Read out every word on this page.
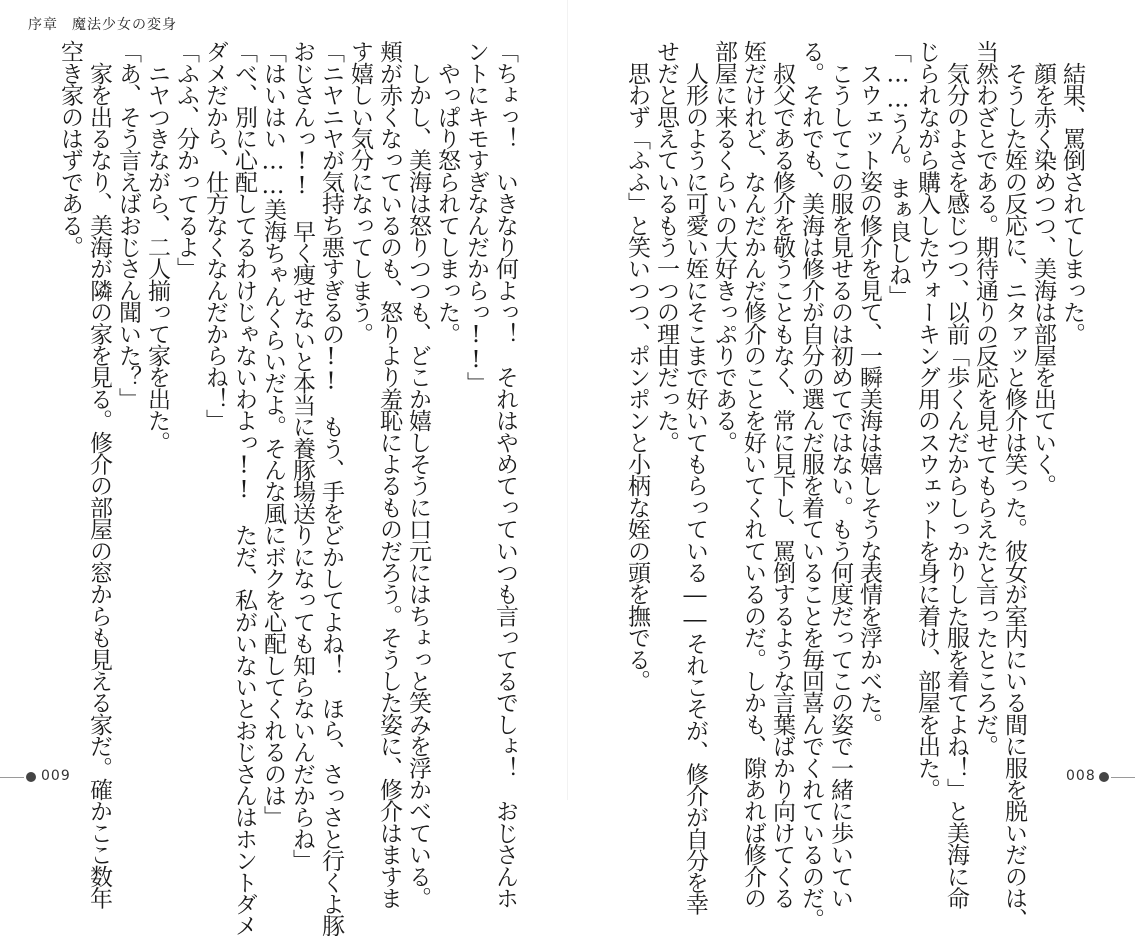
序章 魔法少女の変身
　結果、罵倒されてしまった。
　顔を赤く染めつつ、美海は部屋を出ていく。
　そうした姪の反応に、ニタァッと修介は笑った。彼女が室内にいる間に服を脱いだのは、
当然わざとである。期待通りの反応を見せてもらえたと言ったところだ。
　気分のよさを感じつつ、以前「歩くんだからしっかりした服を着てよね！」と美海に命
じられながら購入したウォーキング用のスウェットを身に着け、部屋を出た。
「……うん。まぁ良しね」
　スウェット姿の修介を見て、一瞬美海は嬉しそうな表情を浮かべた。
　こうしてこの服を見せるのは初めてではない。もう何度だってこの姿で一緒に歩いてい
る。それでも、美海は修介が自分の選んだ服を着ていることを毎回喜んでくれているのだ。
　叔父である修介を敬うこともなく、常に見下し、罵倒するような言葉ばかり向けてくる
姪だけれど、なんだかんだ修介のことを好いてくれているのだ。しかも、隙あれば修介の
部屋に来るくらいの大好きっぷりである。
　人形のように可愛い姪にそこまで好いてもらっている――それこそが、修介が自分を幸
せだと思えているもう一つの理由だった。
　思わず「ふふ」と笑いつつ、ポンポンと小柄な姪の頭を撫でる。
「ちょっ！　いきなり何よっ！　それはやめてっていつも言ってるでしょ！　おじさんホ
ントにキモすぎなんだからっ!!」
　やっぱり怒られてしまった。
　しかし、美海は怒りつつも、どこか嬉しそうに口元にはちょっと笑みを浮かべている。
頬が赤くなっているのも、怒りより羞恥によるものだろう。そうした姿に、修介はますま
す嬉しい気分になってしまう。
「ニヤニヤが気持ち悪すぎるの!!　もう、手をどかしてよね！　ほら、さっさと行くよ豚
おじさんっ!!　早く痩せないと本当に養豚場送りになっても知らないんだからね」
「はいはい……美海ちゃんくらいだよ。そんな風にボクを心配してくれるのは」
「べ、別に心配してるわけじゃないわよっ!!　ただ、私がいないとおじさんはホントダメ
ダメだから、仕方なくなんだからね！」
「ふふ、分かってるよ」
　ニヤつきながら、二人揃って家を出た。
「あ、そう言えばおじさん聞いた？」
　家を出るなり、美海が隣の家を見る。修介の部屋の窓からも見える家だ。確かここ数年
空き家のはずである。
009	008
